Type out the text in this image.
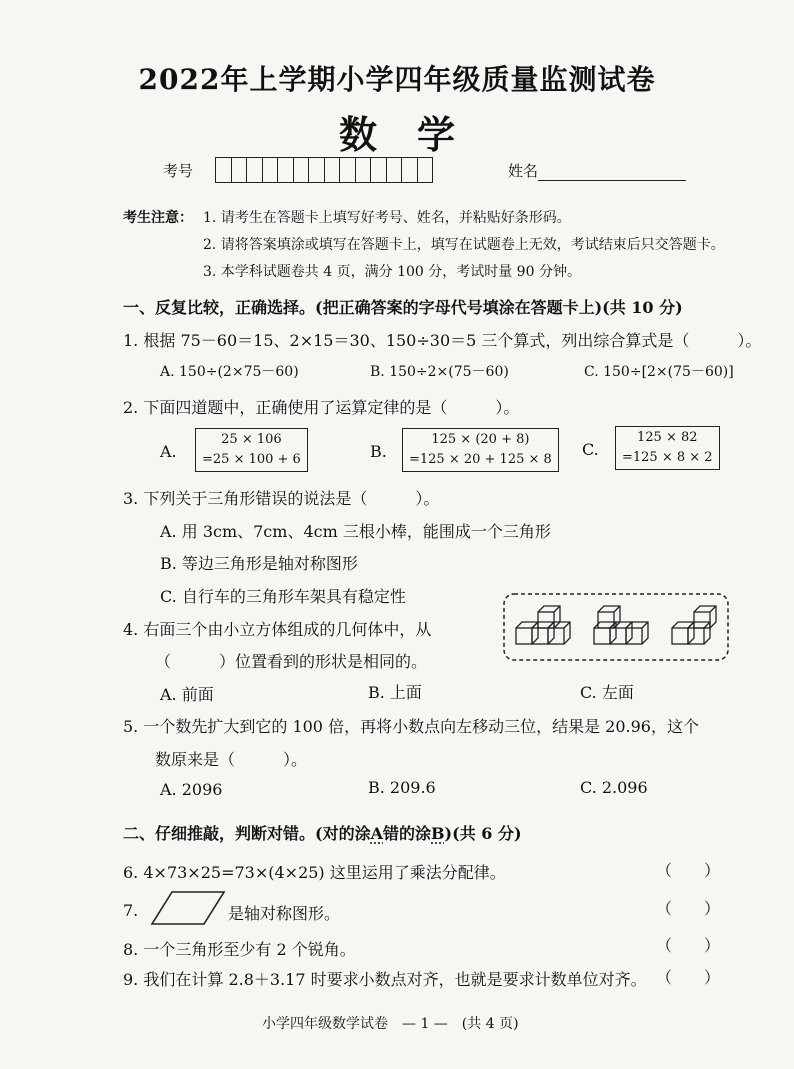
2022年上学期小学四年级质量监测试卷
数学
考号	姓名
考生注意： 1. 请考生在答题卡上填写好考号、姓名，并粘贴好条形码。
2. 请将答案填涂或填写在答题卡上，填写在试题卷上无效，考试结束后只交答题卡。
3. 本学科试题卷共 4 页，满分 100 分，考试时量 90 分钟。
一、反复比较，正确选择。(把正确答案的字母代号填涂在答题卡上)(共 10 分)
1. 根据 75－60＝15、2×15＝30、150÷30＝5 三个算式，列出综合算式是（　　　）。
A. 150÷(2×75－60)	B. 150÷2×(75－60)	C. 150÷[2×(75－60)]
2. 下面四道题中，正确使用了运算定律的是（　　　）。
A.
25 × 106
=25 × 100 + 6	B.
125 × (20 + 8)
=125 × 20 + 125 × 8
C.
125 × 82
=125 × 8 × 2
3. 下列关于三角形错误的说法是（　　　）。
A. 用 3cm、7cm、4cm 三根小棒，能围成一个三角形
B. 等边三角形是轴对称图形
C. 自行车的三角形车架具有稳定性
4. 右面三个由小立方体组成的几何体中，从
（　　　）位置看到的形状是相同的。
A. 前面	B. 上面	C. 左面
5. 一个数先扩大到它的 100 倍，再将小数点向左移动三位，结果是 20.96，这个
数原来是（　　　）。
A. 2096	B. 209.6	C. 2.096
二、仔细推敲，判断对错。(对的涂A错的涂B)(共 6 分)
6. 4×73×25=73×(4×25) 这里运用了乘法分配律。	（　　）
7.	是轴对称图形。	（　　）
8. 一个三角形至少有 2 个锐角。	（　　）
9. 我们在计算 2.8＋3.17 时要求小数点对齐，也就是要求计数单位对齐。 （　　）
小学四年级数学试卷　— 1 —　(共 4 页)
